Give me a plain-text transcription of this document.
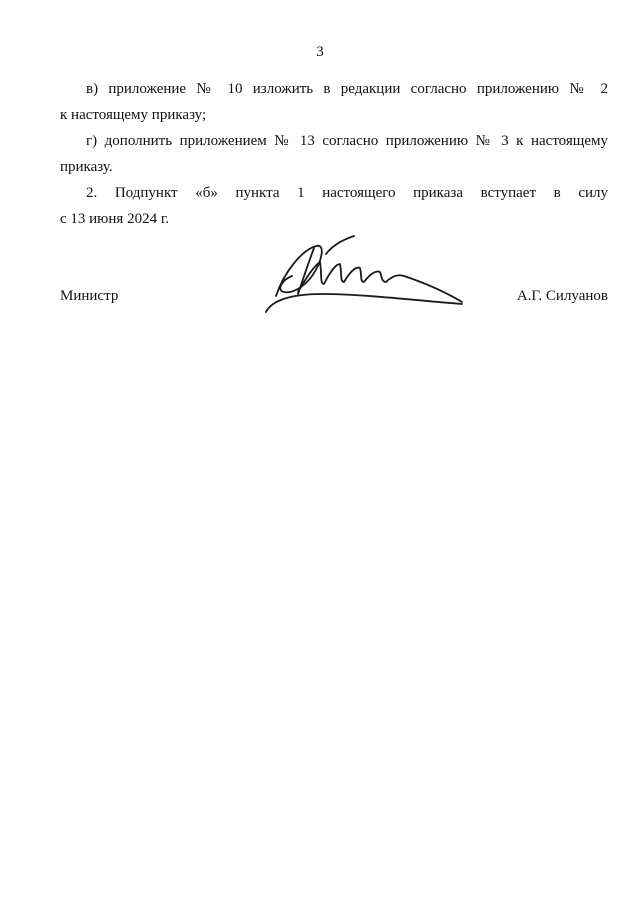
3
в) приложение № 10 изложить в редакции согласно приложению № 2
к настоящему приказу;
г) дополнить приложением № 13 согласно приложению № 3 к настоящему
приказу.
2. Подпункт «б» пункта 1 настоящего приказа вступает в силу
с 13 июня 2024 г.
Министр	А.Г. Силуанов
